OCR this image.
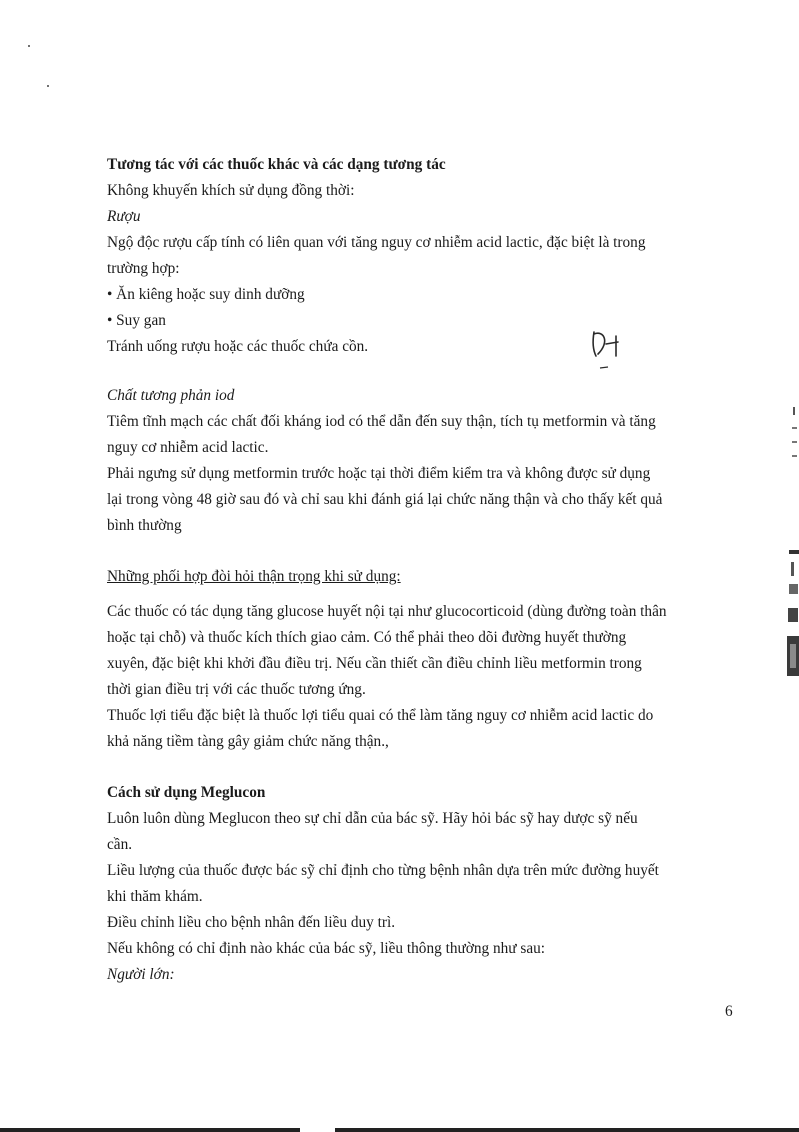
Tương tác với các thuốc khác và các dạng tương tác
Không khuyến khích sử dụng đồng thời:
Rượu
Ngộ độc rượu cấp tính có liên quan với tăng nguy cơ nhiễm acid lactic, đặc biệt là trong
trường hợp:
• Ăn kiêng hoặc suy dinh dưỡng
• Suy gan
Tránh uống rượu hoặc các thuốc chứa cồn.
Chất tương phản iod
Tiêm tĩnh mạch các chất đối kháng iod có thể dẫn đến suy thận, tích tụ metformin và tăng
nguy cơ nhiễm acid lactic.
Phải ngưng sử dụng metformin trước hoặc tại thời điểm kiểm tra và không được sử dụng
lại trong vòng 48 giờ sau đó và chỉ sau khi đánh giá lại chức năng thận và cho thấy kết quả
bình thường
Những phối hợp đòi hỏi thận trọng khi sử dụng:
Các thuốc có tác dụng tăng glucose huyết nội tại như glucocorticoid (dùng đường toàn thân
hoặc tại chỗ) và thuốc kích thích giao cảm. Có thể phải theo dõi đường huyết thường
xuyên, đặc biệt khi khởi đầu điều trị. Nếu cần thiết cần điều chỉnh liều metformin trong
thời gian điều trị với các thuốc tương ứng.
Thuốc lợi tiểu đặc biệt là thuốc lợi tiểu quai có thể làm tăng nguy cơ nhiễm acid lactic do
khả năng tiềm tàng gây giảm chức năng thận.,
Cách sử dụng Meglucon
Luôn luôn dùng Meglucon theo sự chỉ dẫn của bác sỹ. Hãy hỏi bác sỹ hay dược sỹ nếu
cần.
Liều lượng của thuốc được bác sỹ chỉ định cho từng bệnh nhân dựa trên mức đường huyết
khi thăm khám.
Điều chỉnh liều cho bệnh nhân đến liều duy trì.
Nếu không có chỉ định nào khác của bác sỹ, liều thông thường như sau:
Người lớn:
6
